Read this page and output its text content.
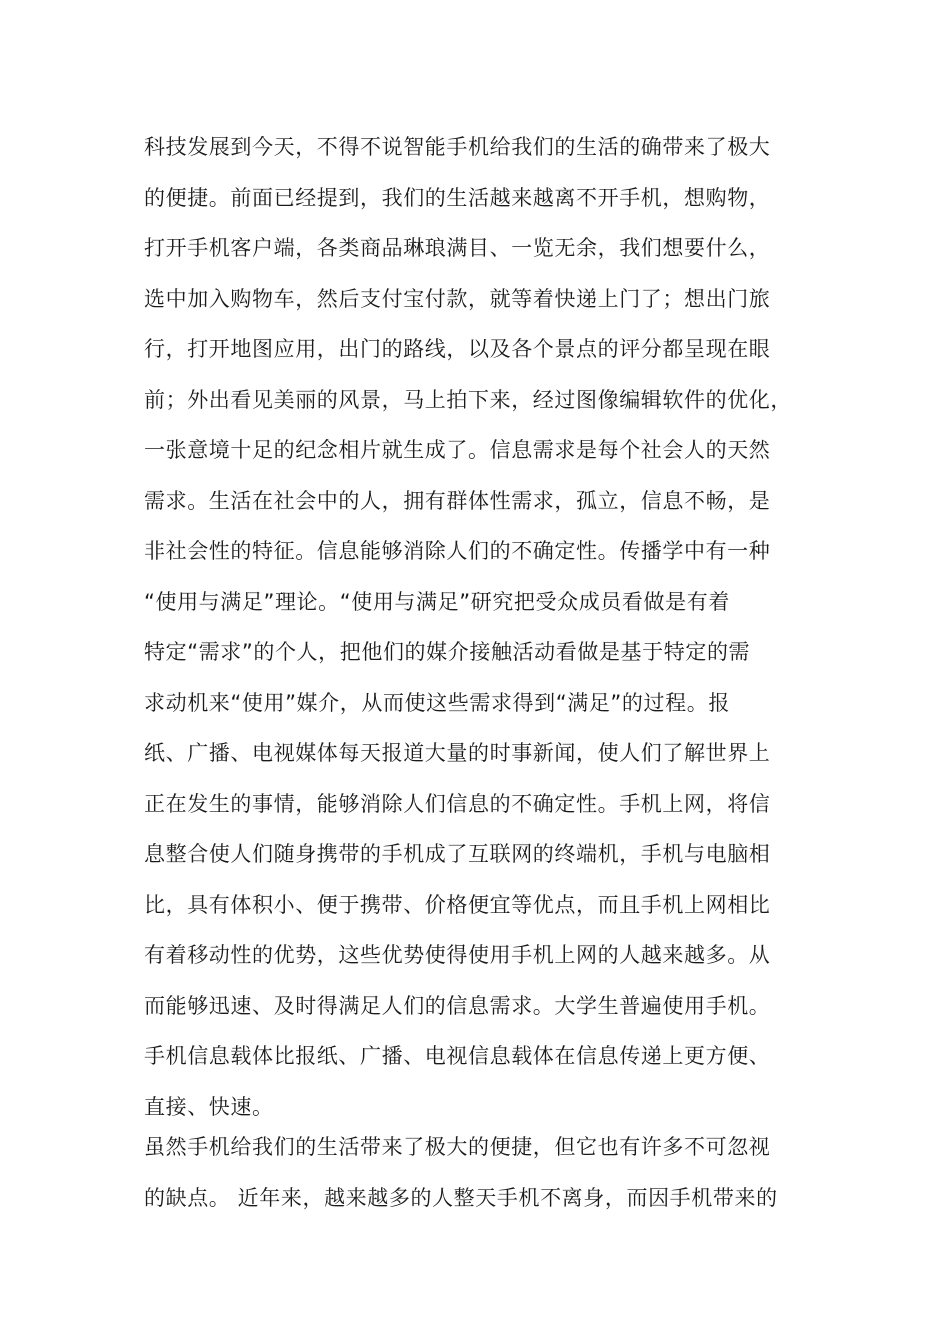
科技发展到今天，不得不说智能手机给我们的生活的确带来了极大
的便捷。前面已经提到，我们的生活越来越离不开手机，想购物，
打开手机客户端，各类商品琳琅满目、一览无余，我们想要什么，
选中加入购物车，然后支付宝付款，就等着快递上门了；想出门旅
行，打开地图应用，出门的路线，以及各个景点的评分都呈现在眼
前；外出看见美丽的风景，马上拍下来，经过图像编辑软件的优化，
一张意境十足的纪念相片就生成了。信息需求是每个社会人的天然
需求。生活在社会中的人，拥有群体性需求，孤立，信息不畅，是
非社会性的特征。信息能够消除人们的不确定性。传播学中有一种
“使用与满足”理论。“使用与满足”研究把受众成员看做是有着
特定“需求”的个人，把他们的媒介接触活动看做是基于特定的需
求动机来“使用”媒介，从而使这些需求得到“满足”的过程。报
纸、广播、电视媒体每天报道大量的时事新闻，使人们了解世界上
正在发生的事情，能够消除人们信息的不确定性。手机上网，将信
息整合使人们随身携带的手机成了互联网的终端机，手机与电脑相
比，具有体积小、便于携带、价格便宜等优点，而且手机上网相比
有着移动性的优势，这些优势使得使用手机上网的人越来越多。从
而能够迅速、及时得满足人们的信息需求。大学生普遍使用手机。
手机信息载体比报纸、广播、电视信息载体在信息传递上更方便、
直接、快速。
虽然手机给我们的生活带来了极大的便捷，但它也有许多不可忽视
的缺点。 近年来，越来越多的人整天手机不离身，而因手机带来的
